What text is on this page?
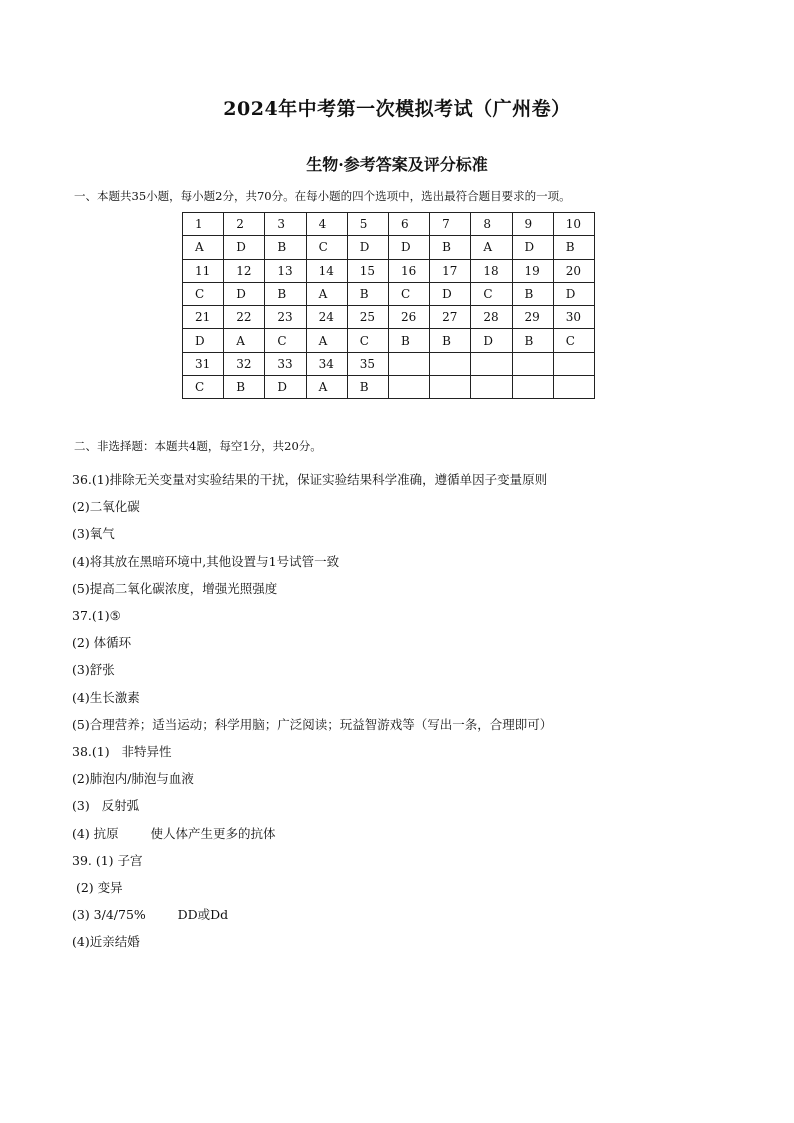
2024年中考第一次模拟考试（广州卷）
生物·参考答案及评分标准
一、本题共35小题，每小题2分，共70分。在每小题的四个选项中，选出最符合题目要求的一项。
1	2	3	4	5	6	7	8	9	10
A	D	B	C	D	D	B	A	D	B
11	12	13	14	15	16	17	18	19	20
C	D	B	A	B	C	D	C	B	D
21	22	23	24	25	26	27	28	29	30
D	A	C	A	C	B	B	D	B	C
31	32	33	34	35					
C	B	D	A	B					
二、非选择题：本题共4题，每空1分，共20分。
36.(1)排除无关变量对实验结果的干扰，保证实验结果科学准确，遵循单因子变量原则
(2)二氧化碳
(3)氧气
(4)将其放在黑暗环境中,其他设置与1号试管一致
(5)提高二氧化碳浓度，增强光照强度
37.(1)⑤
(2) 体循环
(3)舒张
(4)生长激素
(5)合理营养；适当运动；科学用脑；广泛阅读；玩益智游戏等（写出一条，合理即可）
38.(1)   非特异性
(2)肺泡内/肺泡与血液
(3)   反射弧
(4) 抗原        使人体产生更多的抗体
39. (1) 子宫
(2) 变异
(3) 3/4/75%        DD或Dd
(4)近亲结婚
